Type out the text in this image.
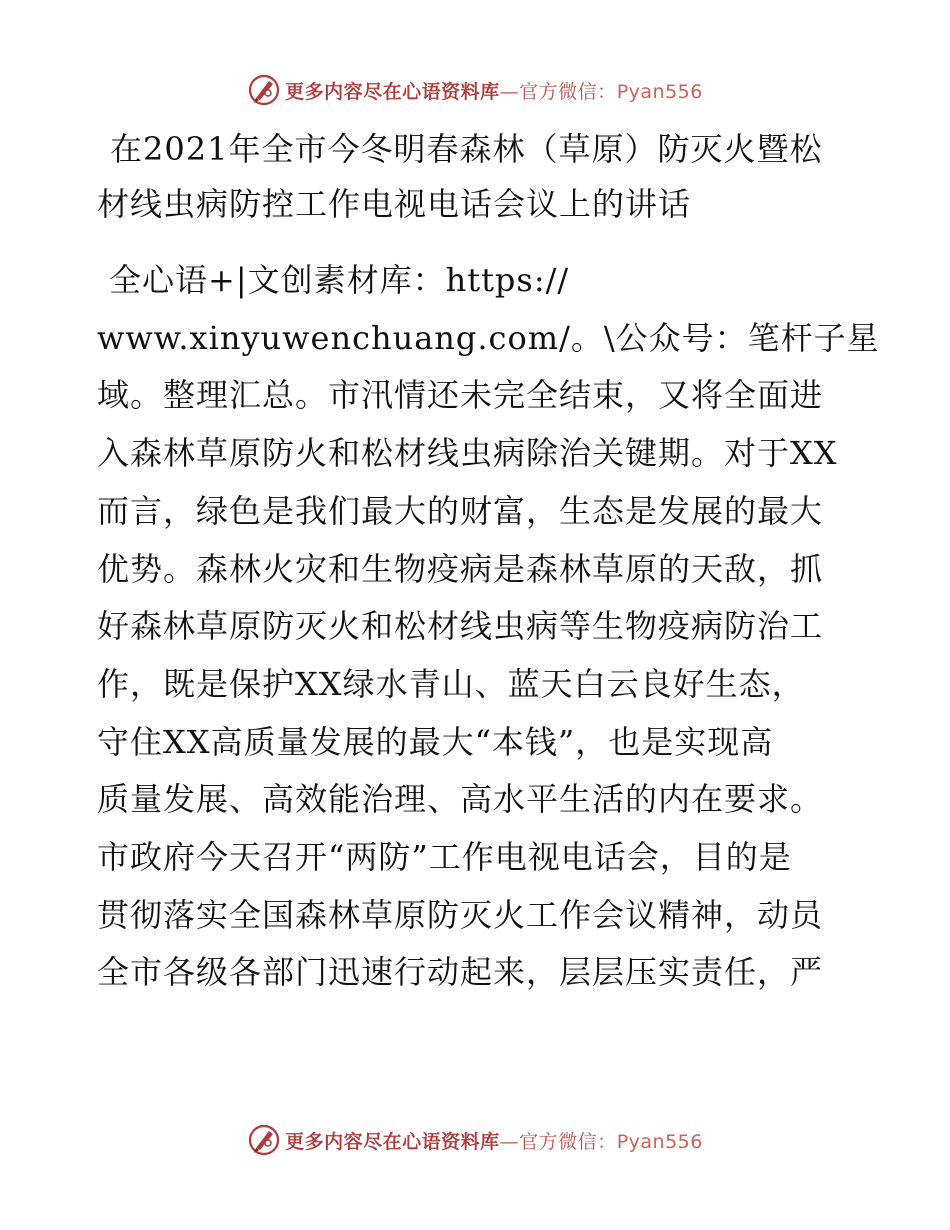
更多内容尽在心语资料库—官方微信：Pyan556
在2021年全市今冬明春森林（草原）防灭火暨松
材线虫病防控工作电视电话会议上的讲话
全心语+|文创素材库：https://
www.xinyuwenchuang.com/。\公众号：笔杆子星
域。整理汇总。市汛情还未完全结束，又将全面进
入森林草原防火和松材线虫病除治关键期。对于XX
而言，绿色是我们最大的财富，生态是发展的最大
优势。森林火灾和生物疫病是森林草原的天敌，抓
好森林草原防灭火和松材线虫病等生物疫病防治工
作，既是保护XX绿水青山、蓝天白云良好生态，
守住XX高质量发展的最大“本钱”，也是实现高
质量发展、高效能治理、高水平生活的内在要求。
市政府今天召开“两防”工作电视电话会，目的是
贯彻落实全国森林草原防灭火工作会议精神，动员
全市各级各部门迅速行动起来，层层压实责任，严
更多内容尽在心语资料库—官方微信：Pyan556
